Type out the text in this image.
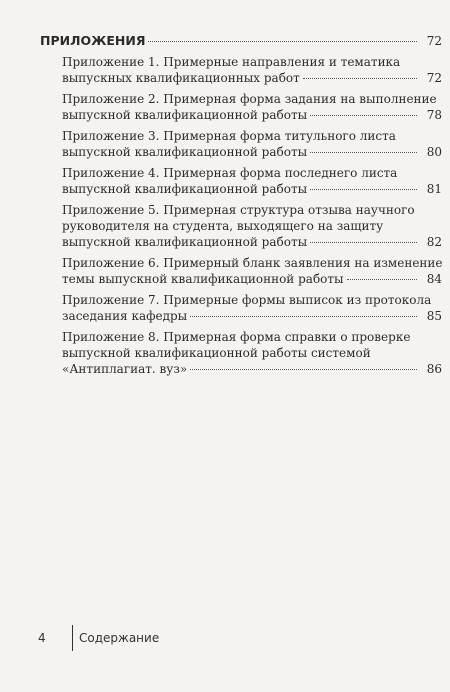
ПРИЛОЖЕНИЯ	72
Приложение 1. Примерные направления и тематика
выпускных квалификационных работ	72
Приложение 2. Примерная форма задания на выполнение
выпускной квалификационной работы	78
Приложение 3. Примерная форма титульного листа
выпускной квалификационной работы	80
Приложение 4. Примерная форма последнего листа
выпускной квалификационной работы	81
Приложение 5. Примерная структура отзыва научного
руководителя на студента, выходящего на защиту
выпускной квалификационной работы	82
Приложение 6. Примерный бланк заявления на изменение
темы выпускной квалификационной работы	84
Приложение 7. Примерные формы выписок из протокола
заседания кафедры	85
Приложение 8. Примерная форма справки о проверке
выпускной квалификационной работы системой
«Антиплагиат. вуз»	86
4	Содержание
